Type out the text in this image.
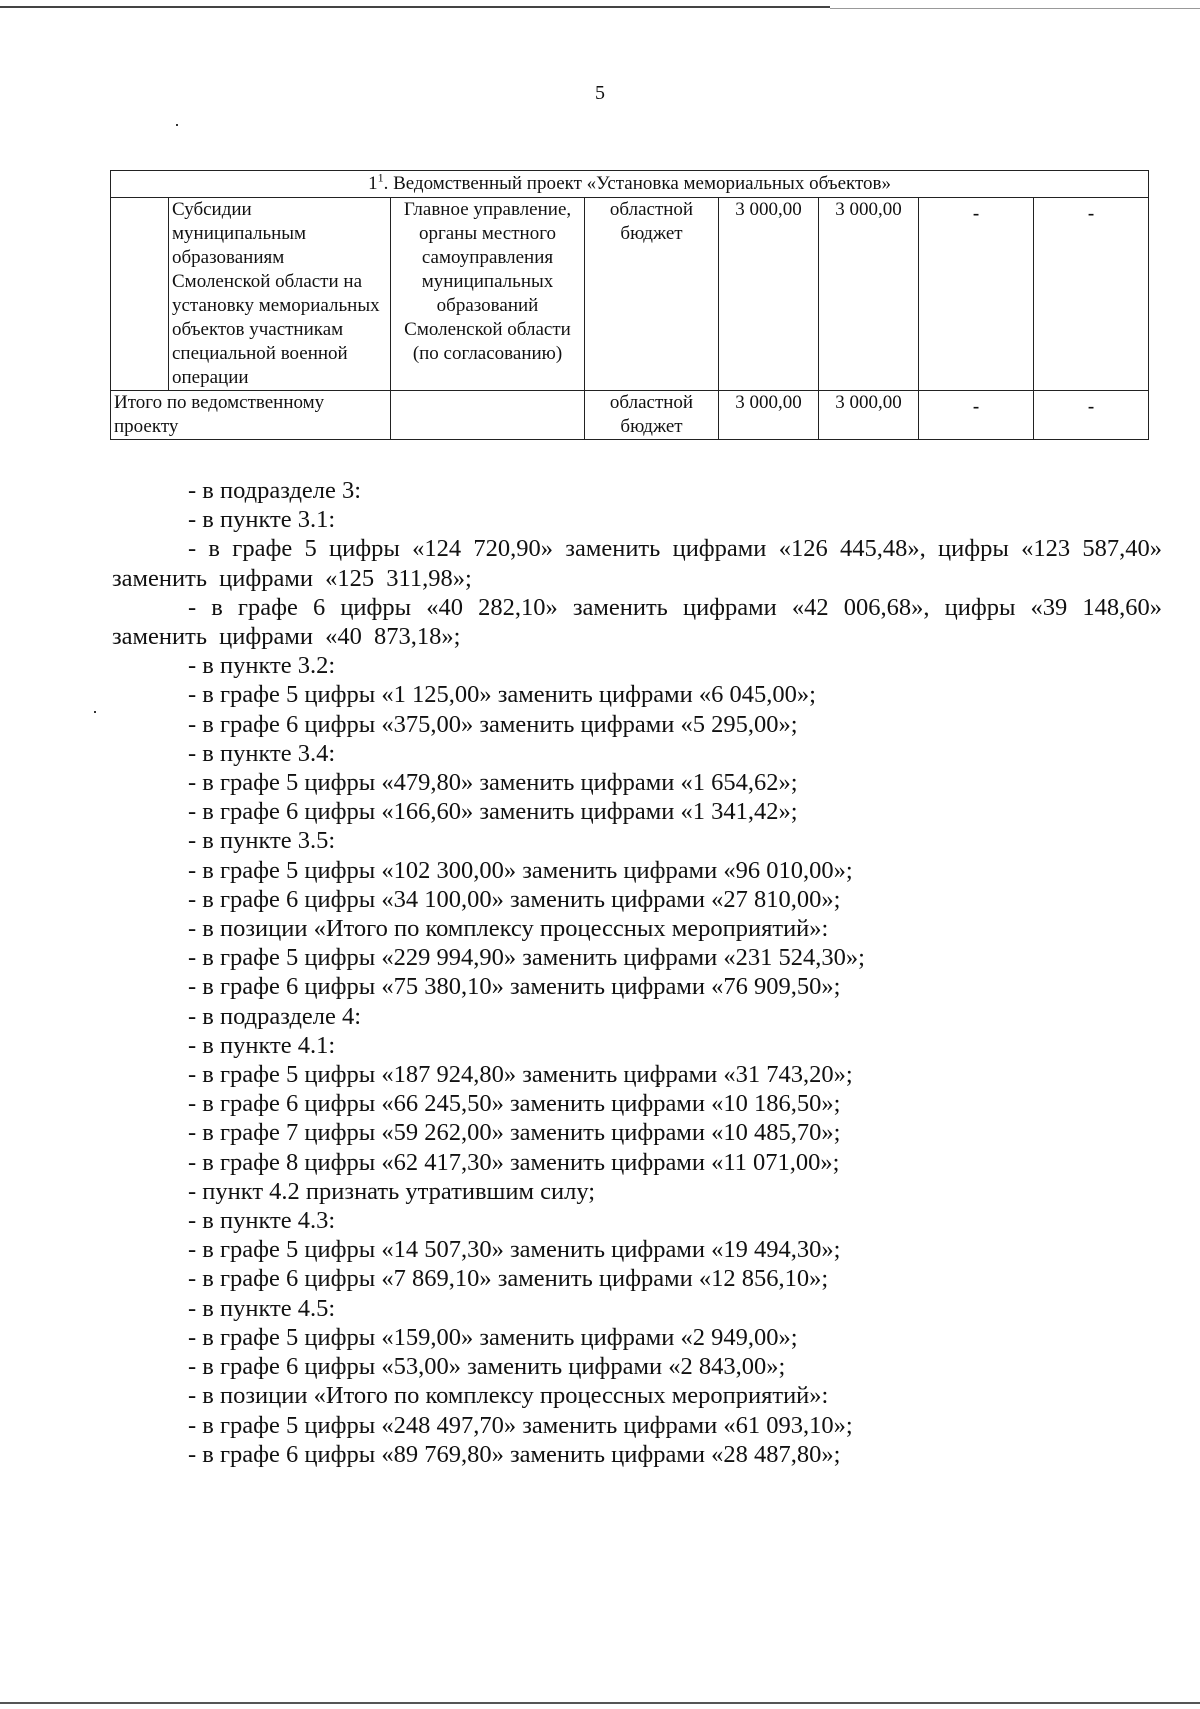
5
$1^1$. Ведомственный проект «Установка мемориальных объектов»							
	Субсидии муниципальным образованиям Смоленской области на установку мемориальных объектов участникам специальной военной операции	Главное управление, органы местного самоуправления муниципальных образований Смоленской области (по согласованию)	областной бюджет	3 000,00	3 000,00	-	-
Итого по ведомственному проекту			областной бюджет	3 000,00	3 000,00	-	-

- в подразделе 3:

- в пункте 3.1:

- в графе 5 цифры «124 720,90» заменить цифрами «126 445,48», цифры «123 587,40» заменить цифрами «125 311,98»;

- в графе 6 цифры «40 282,10» заменить цифрами «42 006,68», цифры «39 148,60» заменить цифрами «40 873,18»;

- в пункте 3.2:

- в графе 5 цифры «1 125,00» заменить цифрами «6 045,00»;

- в графе 6 цифры «375,00» заменить цифрами «5 295,00»;

- в пункте 3.4:

- в графе 5 цифры «479,80» заменить цифрами «1 654,62»;

- в графе 6 цифры «166,60» заменить цифрами «1 341,42»;

- в пункте 3.5:

- в графе 5 цифры «102 300,00» заменить цифрами «96 010,00»;

- в графе 6 цифры «34 100,00» заменить цифрами «27 810,00»;

- в позиции «Итого по комплексу процессных мероприятий»:

- в графе 5 цифры «229 994,90» заменить цифрами «231 524,30»;

- в графе 6 цифры «75 380,10» заменить цифрами «76 909,50»;

- в подразделе 4:

- в пункте 4.1:

- в графе 5 цифры «187 924,80» заменить цифрами «31 743,20»;

- в графе 6 цифры «66 245,50» заменить цифрами «10 186,50»;

- в графе 7 цифры «59 262,00» заменить цифрами «10 485,70»;

- в графе 8 цифры «62 417,30» заменить цифрами «11 071,00»;

- пункт 4.2 признать утратившим силу;

- в пункте 4.3:

- в графе 5 цифры «14 507,30» заменить цифрами «19 494,30»;

- в графе 6 цифры «7 869,10» заменить цифрами «12 856,10»;

- в пункте 4.5:

- в графе 5 цифры «159,00» заменить цифрами «2 949,00»;

- в графе 6 цифры «53,00» заменить цифрами «2 843,00»;

- в позиции «Итого по комплексу процессных мероприятий»:

- в графе 5 цифры «248 497,70» заменить цифрами «61 093,10»;

- в графе 6 цифры «89 769,80» заменить цифрами «28 487,80»;
